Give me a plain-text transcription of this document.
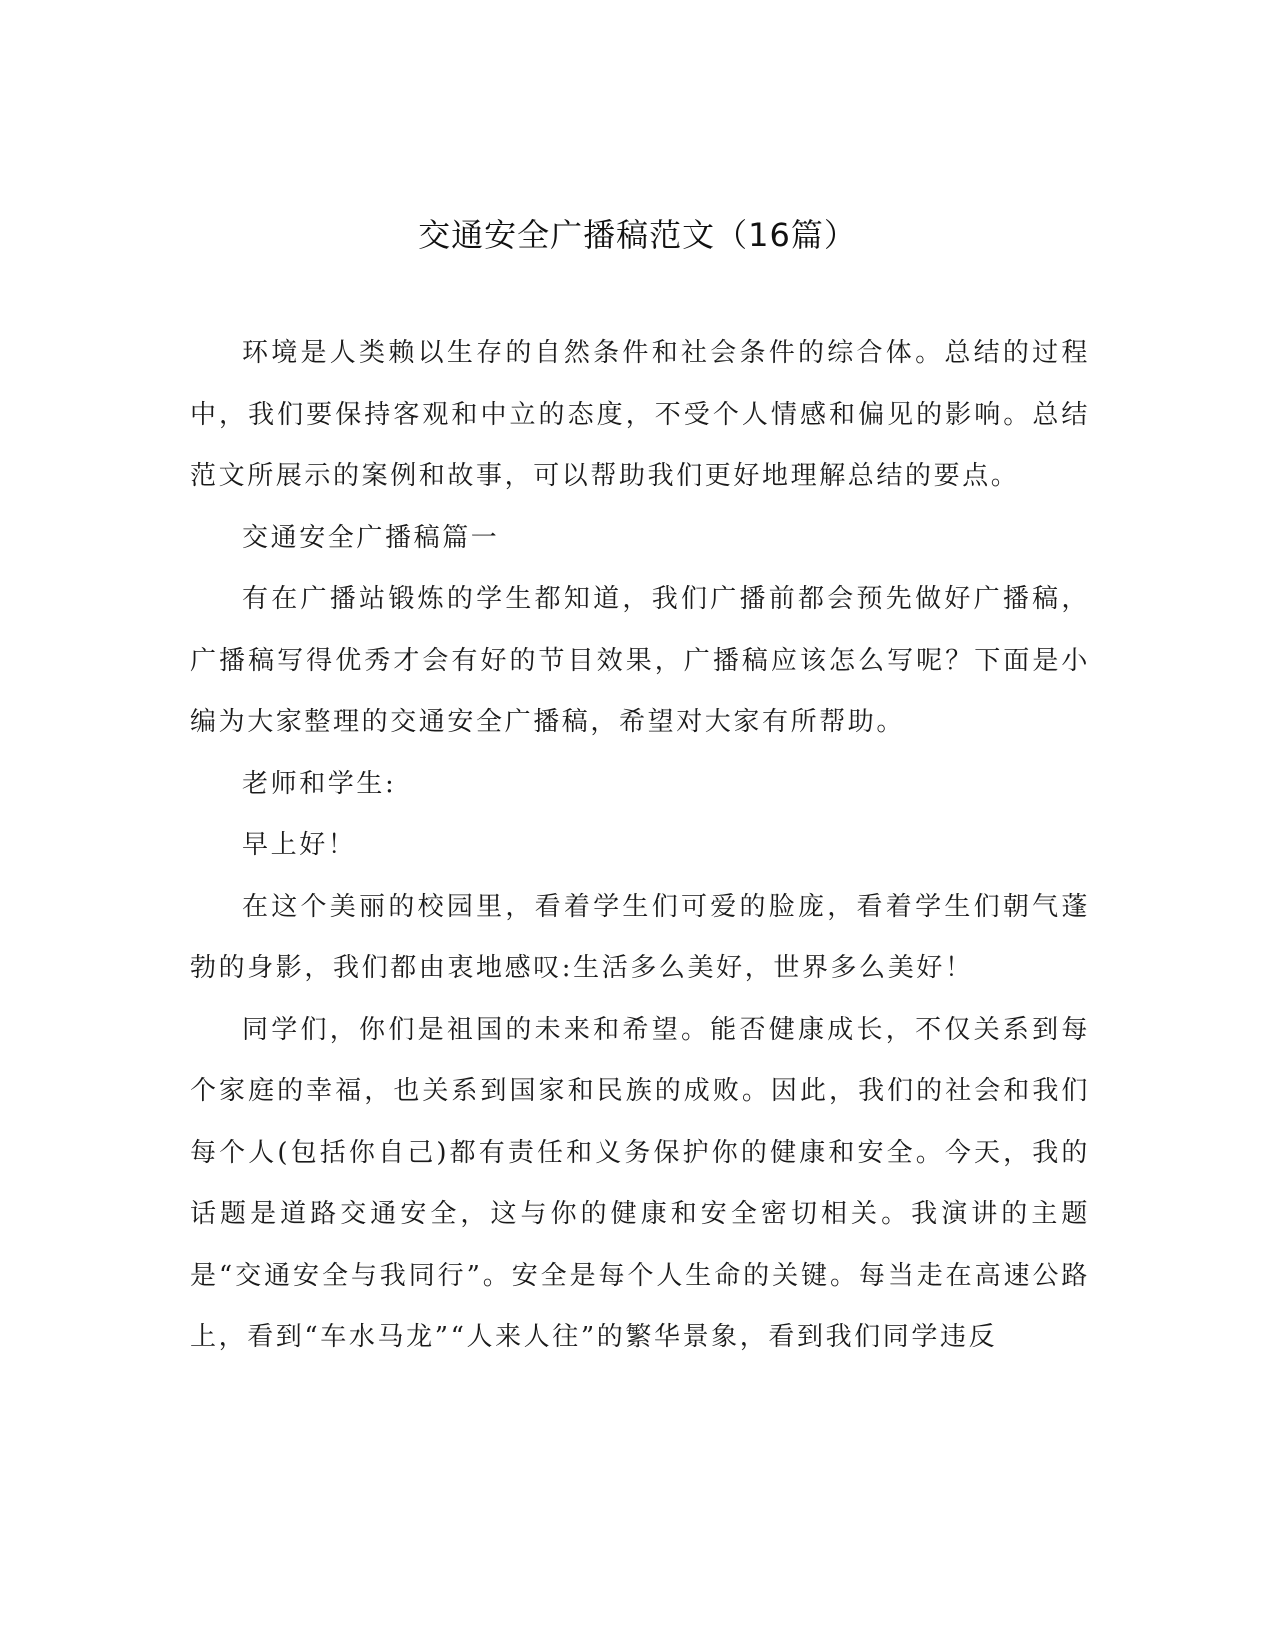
交通安全广播稿范文（16篇）

环境是人类赖以生存的自然条件和社会条件的综合体。总结的过程中，我们要保持客观和中立的态度，不受个人情感和偏见的影响。总结范文所展示的案例和故事，可以帮助我们更好地理解总结的要点。

交通安全广播稿篇一

有在广播站锻炼的学生都知道，我们广播前都会预先做好广播稿，广播稿写得优秀才会有好的节目效果，广播稿应该怎么写呢？下面是小编为大家整理的交通安全广播稿，希望对大家有所帮助。

老师和学生:

早上好！

在这个美丽的校园里，看着学生们可爱的脸庞，看着学生们朝气蓬勃的身影，我们都由衷地感叹:生活多么美好，世界多么美好！

同学们，你们是祖国的未来和希望。能否健康成长，不仅关系到每个家庭的幸福，也关系到国家和民族的成败。因此，我们的社会和我们每个人(包括你自己)都有责任和义务保护你的健康和安全。今天，我的话题是道路交通安全，这与你的健康和安全密切相关。我演讲的主题是“交通安全与我同行”。安全是每个人生命的关键。每当走在高速公路上，看到“车水马龙”“人来人往”的繁华景象，看到我们同学违反
